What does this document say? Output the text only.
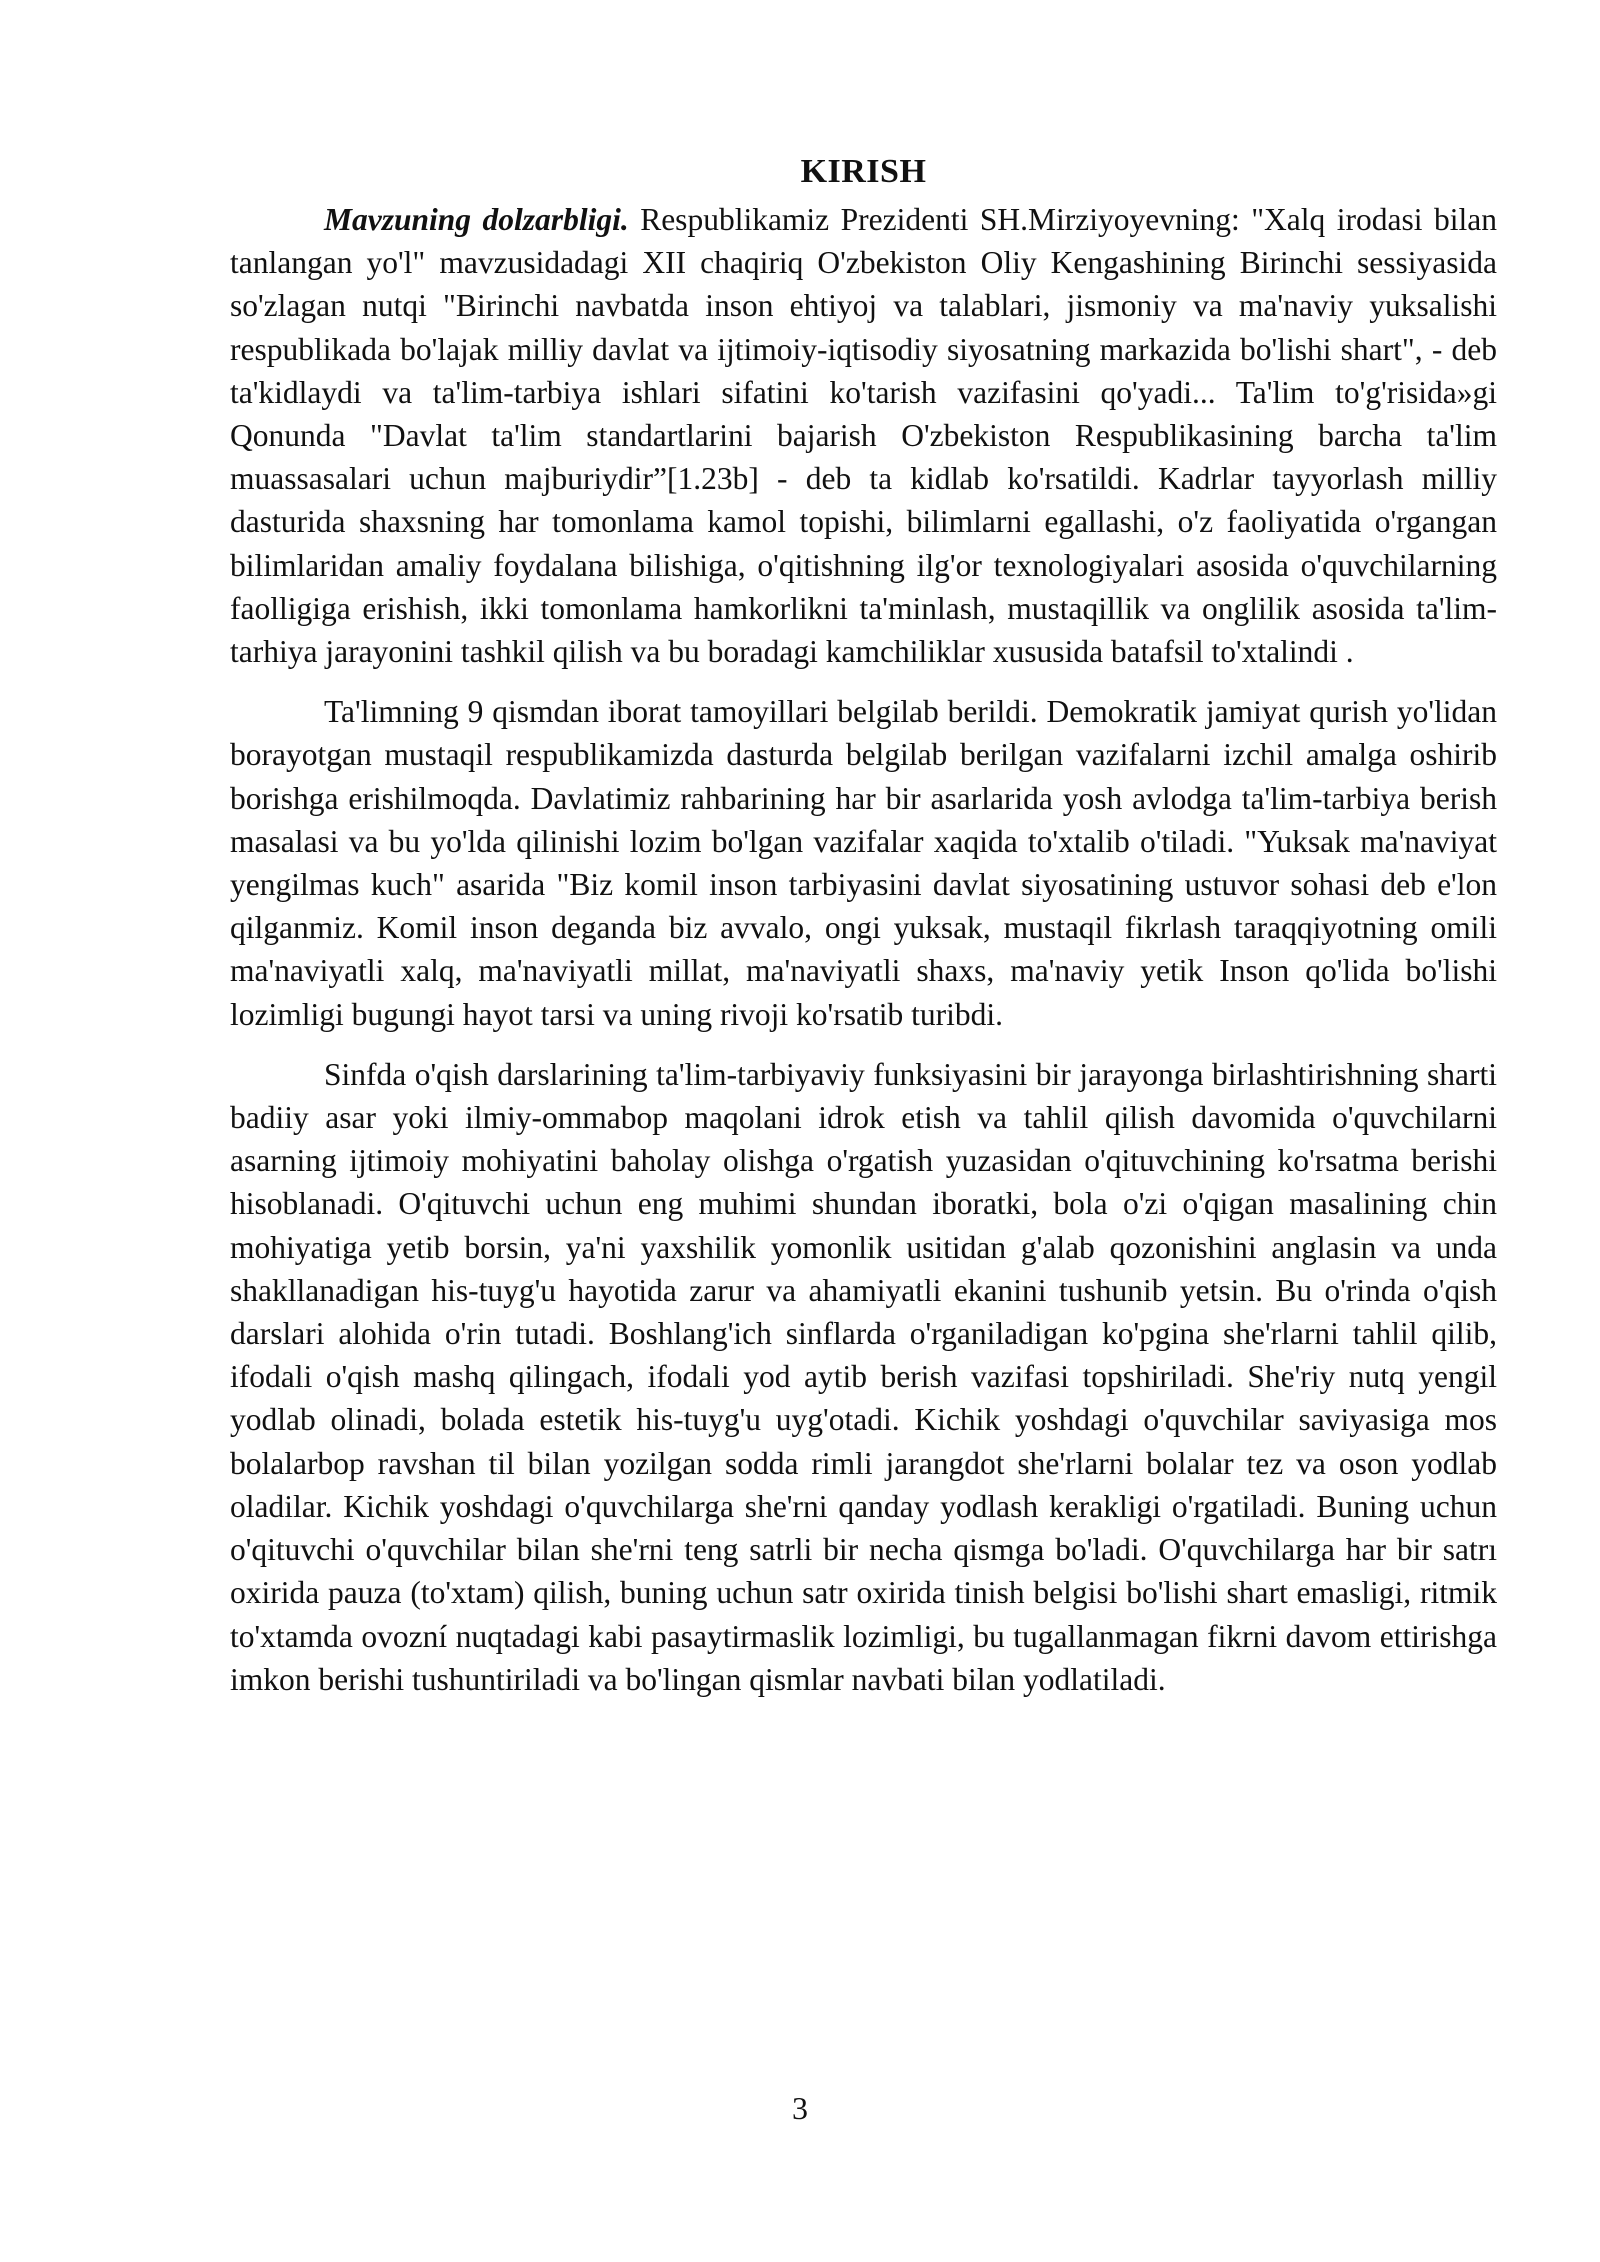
KIRISH

Mavzuning dolzarbligi. Respublikamiz Prezidenti SH.Mirziyoyevning: "Xalq irodasi bilan tanlangan yo'l" mavzusidadagi XII chaqiriq O'zbekiston Oliy Kengashining Birinchi sessiyasida so'zlagan nutqi "Birinchi navbatda inson ehtiyoj va talablari, jismoniy va ma'naviy yuksalishi respublikada bo'lajak milliy davlat va ijtimoiy-iqtisodiy siyosatning markazida bo'lishi shart", - deb ta'kidlaydi va ta'lim-tarbiya ishlari sifatini ko'tarish vazifasini qo'yadi... Ta'lim to'g'risida»gi Qonunda "Davlat ta'lim standartlarini bajarish O'zbekiston Respublikasining barcha ta'lim muassasalari uchun majburiydir”[1.23b] - deb ta kidlab ko'rsatildi. Kadrlar tayyorlash milliy dasturida shaxsning har tomonlama kamol topishi, bilimlarni egallashi, o'z faoliyatida o'rgangan bilimlaridan amaliy foydalana bilishiga, o'qitishning ilg'or texnologiyalari asosida o'quvchilarning faolligiga erishish, ikki tomonlama hamkorlikni ta'minlash, mustaqillik va onglilik asosida ta'lim- tarhiya jarayonini tashkil qilish va bu boradagi kamchiliklar xususida batafsil to'xtalindi .

Ta'limning 9 qismdan iborat tamoyillari belgilab berildi. Demokratik jamiyat qurish yo'lidan borayotgan mustaqil respublikamizda dasturda belgilab berilgan vazifalarni izchil amalga oshirib borishga erishilmoqda. Davlatimiz rahbarining har bir asarlarida yosh avlodga ta'lim-tarbiya berish masalasi va bu yo'lda qilinishi lozim bo'lgan vazifalar xaqida to'xtalib o'tiladi. "Yuksak ma'naviyat yengilmas kuch" asarida "Biz komil inson tarbiyasini davlat siyosatining ustuvor sohasi deb e'lon qilganmiz. Komil inson deganda biz avvalo, ongi yuksak, mustaqil fikrlash taraqqiyotning omili ma'naviyatli xalq, ma'naviyatli millat, ma'naviyatli shaxs, ma'naviy yetik Inson qo'lida bo'lishi lozimligi bugungi hayot tarsi va uning rivoji ko'rsatib turibdi.

Sinfda o'qish darslarining ta'lim-tarbiyaviy funksiyasini bir jarayonga birlashtirishning sharti badiiy asar yoki ilmiy-ommabop maqolani idrok etish va tahlil qilish davomida o'quvchilarni asarning ijtimoiy mohiyatini baholay olishga o'rgatish yuzasidan o'qituvchining ko'rsatma berishi hisoblanadi. O'qituvchi uchun eng muhimi shundan iboratki, bola o'zi o'qigan masalining chin mohiyatiga yetib borsin, ya'ni yaxshilik yomonlik usitidan g'alab qozonishini anglasin va unda shakllanadigan his-tuyg'u hayotida zarur va ahamiyatli ekanini tushunib yetsin. Bu o'rinda o'qish darslari alohida o'rin tutadi. Boshlang'ich sinflarda o'rganiladigan ko'pgina she'rlarni tahlil qilib, ifodali o'qish mashq qilingach, ifodali yod aytib berish vazifasi topshiriladi. She'riy nutq yengil yodlab olinadi, bolada estetik his-tuyg'u uyg'otadi. Kichik yoshdagi o'quvchilar saviyasiga mos bolalarbop ravshan til bilan yozilgan sodda rimli jarangdot she'rlarni bolalar tez va oson yodlab oladilar. Kichik yoshdagi o'quvchilarga she'rni qanday yodlash kerakligi o'rgatiladi. Buning uchun o'qituvchi o'quvchilar bilan she'rni teng satrli bir necha qismga bo'ladi. O'quvchilarga har bir satrı oxirida pauza (to'xtam) qilish, buning uchun satr oxirida tinish belgisi bo'lishi shart emasligi, ritmik to'xtamda ovozní nuqtadagi kabi pasaytirmaslik lozimligi, bu tugallanmagan fikrni davom ettirishga imkon berishi tushuntiriladi va bo'lingan qismlar navbati bilan yodlatiladi.

3
